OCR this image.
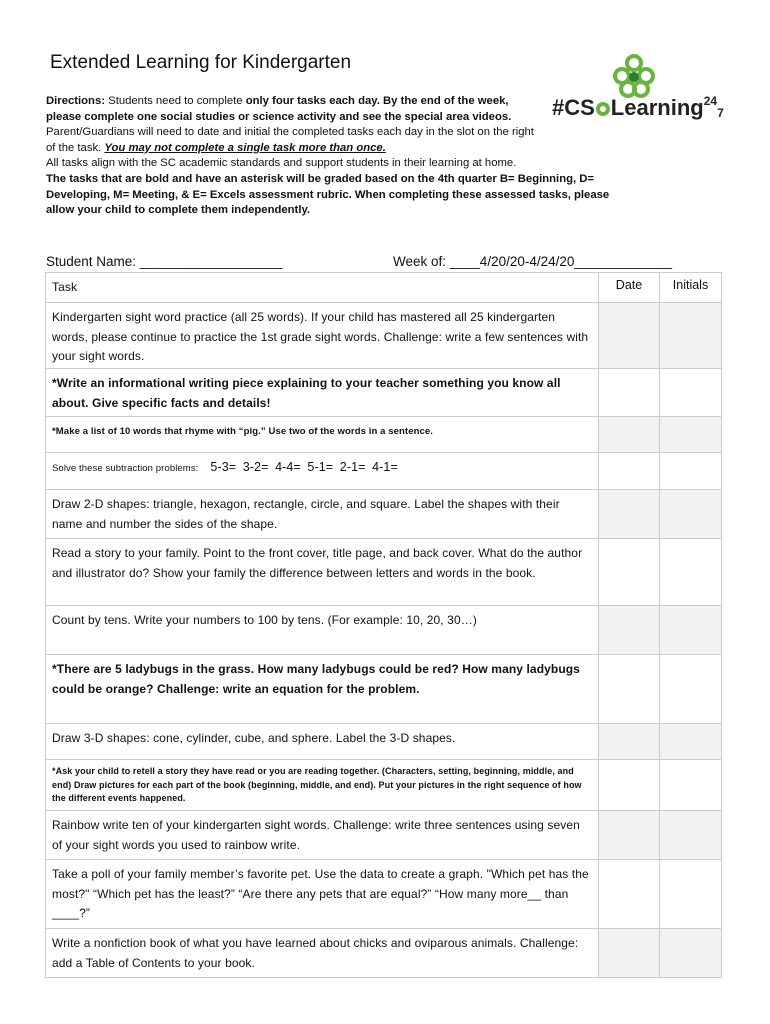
Extended Learning for Kindergarten
#CS Learning$^{24}$7
Directions: Students need to complete only four tasks each day. By the end of the week, please complete one social studies or science activity and see the special area videos. Parent/Guardians will need to date and initial the completed tasks each day in the slot on the right of the task. You may not complete a single task more than once.
All tasks align with the SC academic standards and support students in their learning at home.
The tasks that are bold and have an asterisk will be graded based on the 4th quarter B= Beginning, D= Developing, M= Meeting, & E= Excels assessment rubric. When completing these assessed tasks, please allow your child to complete them independently.
Student Name: ___________________	Week of: ____4/20/20-4/24/20_____________
Task	Date	Initials
Kindergarten sight word practice (all 25 words). If your child has mastered all 25 kindergarten words, please continue to practice the 1st grade sight words. Challenge: write a few sentences with your sight words.
*Write an informational writing piece explaining to your teacher something you know all about. Give specific facts and details!
*Make a list of 10 words that rhyme with “pig.” Use two of the words in a sentence.
Solve these subtraction problems: 5-3= 3-2= 4-4= 5-1= 2-1= 4-1=
Draw 2-D shapes: triangle, hexagon, rectangle, circle, and square. Label the shapes with their name and number the sides of the shape.
Read a story to your family. Point to the front cover, title page, and back cover. What do the author and illustrator do? Show your family the difference between letters and words in the book.
Count by tens. Write your numbers to 100 by tens. (For example: 10, 20, 30…)
*There are 5 ladybugs in the grass. How many ladybugs could be red? How many ladybugs could be orange? Challenge: write an equation for the problem.
Draw 3-D shapes: cone, cylinder, cube, and sphere. Label the 3-D shapes.
*Ask your child to retell a story they have read or you are reading together. (Characters, setting, beginning, middle, and end) Draw pictures for each part of the book (beginning, middle, and end). Put your pictures in the right sequence of how the different events happened.
Rainbow write ten of your kindergarten sight words. Challenge: write three sentences using seven of your sight words you used to rainbow write.
Take a poll of your family member’s favorite pet. Use the data to create a graph. "Which pet has the most?" “Which pet has the least?” “Are there any pets that are equal?” “How many more__ than ____?”
Write a nonfiction book of what you have learned about chicks and oviparous animals. Challenge: add a Table of Contents to your book.
